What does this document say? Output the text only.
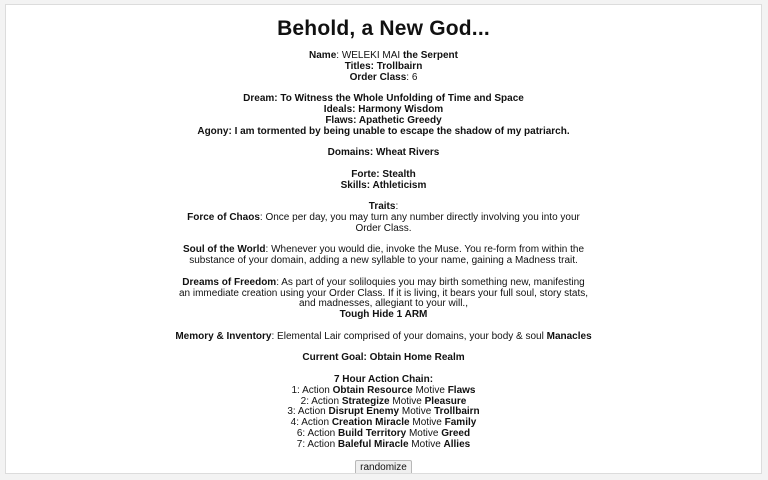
Behold, a New God...
Name: WELEKI MAI the Serpent
Titles: Trollbairn
Order Class: 6
Dream: To Witness the Whole Unfolding of Time and Space
Ideals: Harmony Wisdom
Flaws: Apathetic Greedy
Agony: I am tormented by being unable to escape the shadow of my patriarch.
Domains: Wheat Rivers
Forte: Stealth
Skills: Athleticism
Traits:
Force of Chaos: Once per day, you may turn any number directly involving you into your Order Class.
Soul of the World: Whenever you would die, invoke the Muse. You re-form from within the substance of your domain, adding a new syllable to your name, gaining a Madness trait.
Dreams of Freedom: As part of your soliloquies you may birth something new, manifesting an immediate creation using your Order Class. If it is living, it bears your full soul, story stats, and madnesses, allegiant to your will.,
Tough Hide 1 ARM
Memory & Inventory: Elemental Lair comprised of your domains, your body & soul Manacles
Current Goal: Obtain Home Realm
7 Hour Action Chain:
1: Action Obtain Resource Motive Flaws
2: Action Strategize Motive Pleasure
3: Action Disrupt Enemy Motive Trollbairn
4: Action Creation Miracle Motive Family
6: Action Build Territory Motive Greed
7: Action Baleful Miracle Motive Allies
randomize
